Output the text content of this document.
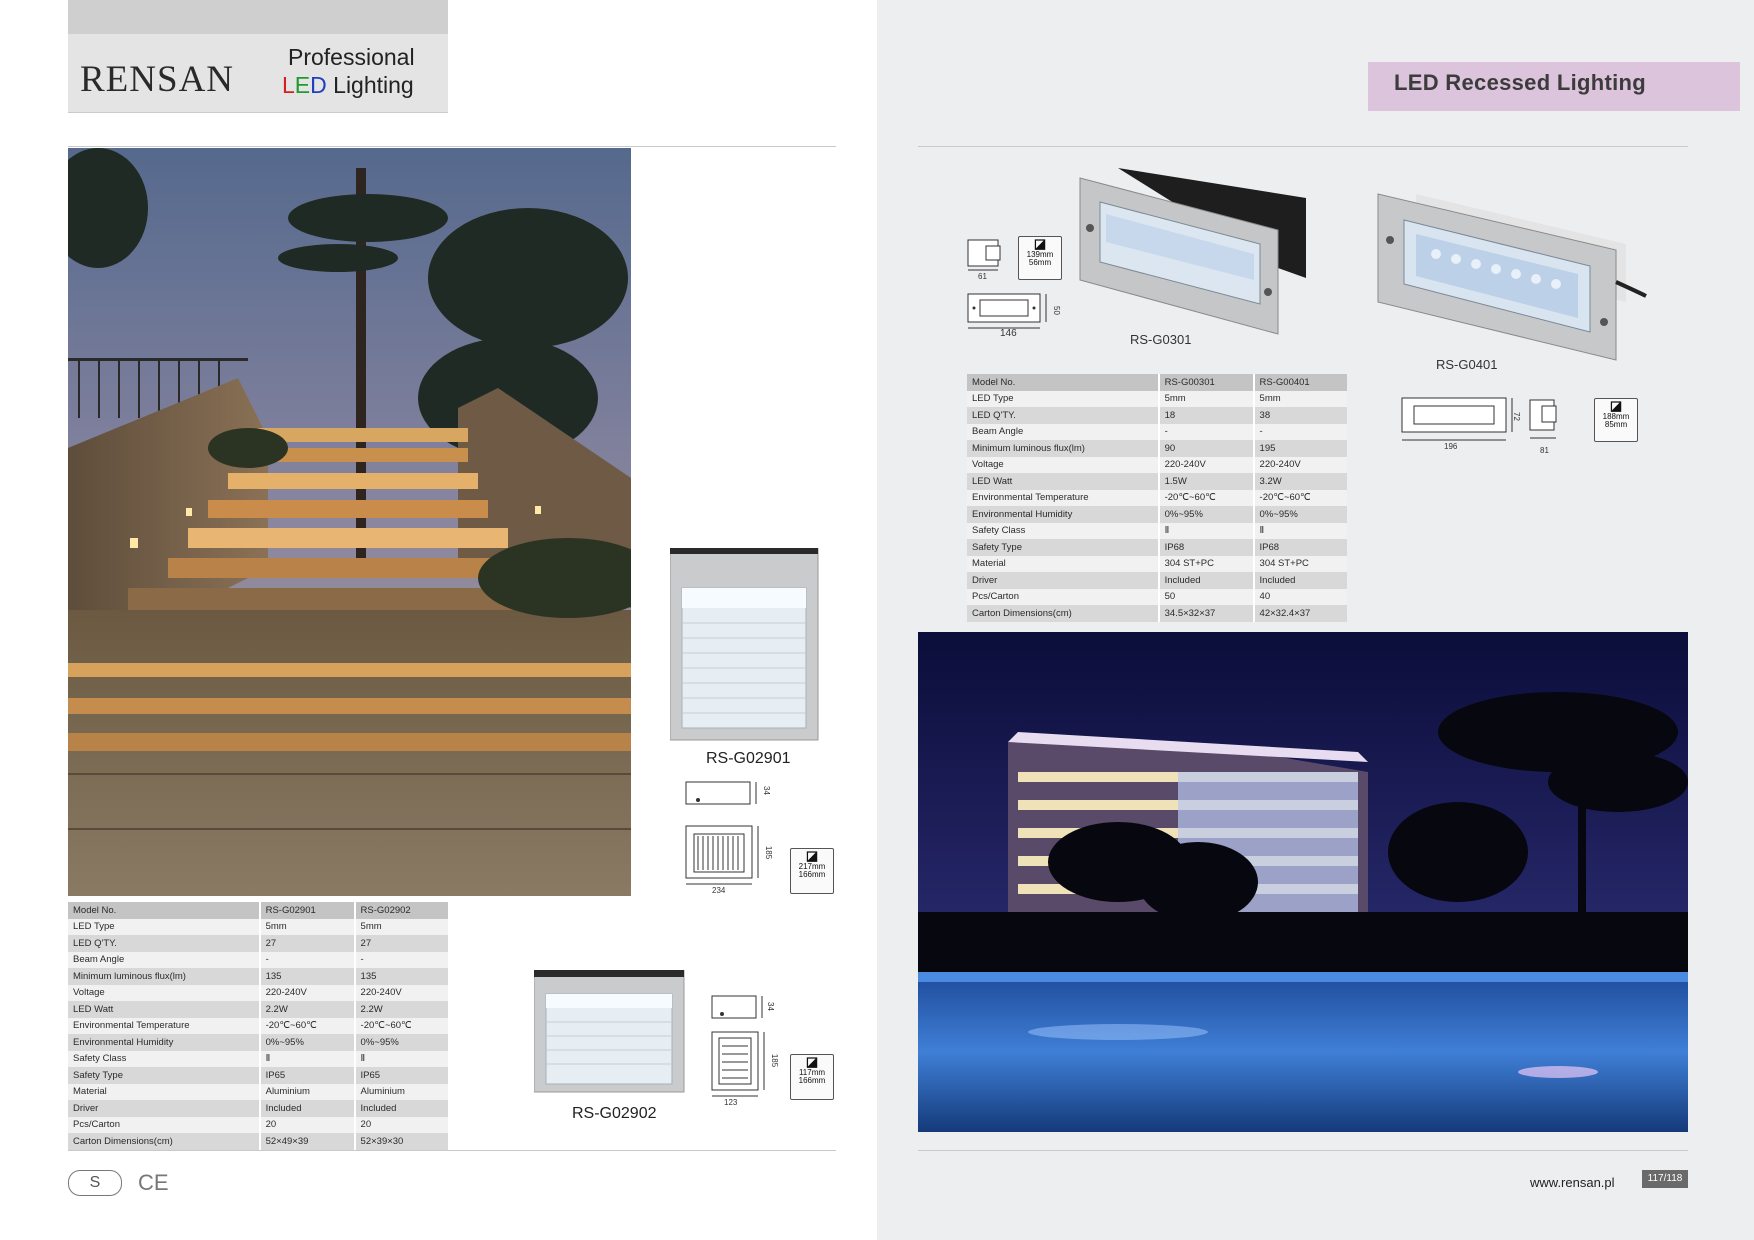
RENSAN
Professional
LED Lighting
RS-G02901
34
185
234
◪
217mm
166mm
Model No.	RS-G02901	RS-G02902
LED Type	5mm	5mm
LED Q'TY.	27	27
Beam Angle	-	-
Minimum luminous flux(lm)	135	135
Voltage	220-240V	220-240V
LED Watt	2.2W	2.2W
Environmental Temperature	-20℃~60℃	-20℃~60℃
Environmental Humidity	0%~95%	0%~95%
Safety Class	Ⅱ	Ⅱ
Safety Type	IP65	IP65
Material	Aluminium	Aluminium
Driver	Included	Included
Pcs/Carton	20	20
Carton Dimensions(cm)	52×49×39	52×39×30
RS-G02902
34
185
123
◪
117mm
166mm
S	CE
LED Recessed Lighting
RS-G0301
61
146
50
◪
139mm
56mm
RS-G0401
196
72
81
◪
188mm
85mm
Model No.	RS-G00301	RS-G00401
LED Type	5mm	5mm
LED Q'TY.	18	38
Beam Angle	-	-
Minimum luminous flux(lm)	90	195
Voltage	220-240V	220-240V
LED Watt	1.5W	3.2W
Environmental Temperature	-20℃~60℃	-20℃~60℃
Environmental Humidity	0%~95%	0%~95%
Safety Class	Ⅱ	Ⅱ
Safety Type	IP68	IP68
Material	304 ST+PC	304 ST+PC
Driver	Included	Included
Pcs/Carton	50	40
Carton Dimensions(cm)	34.5×32×37	42×32.4×37
www.rensan.pl	117/118
